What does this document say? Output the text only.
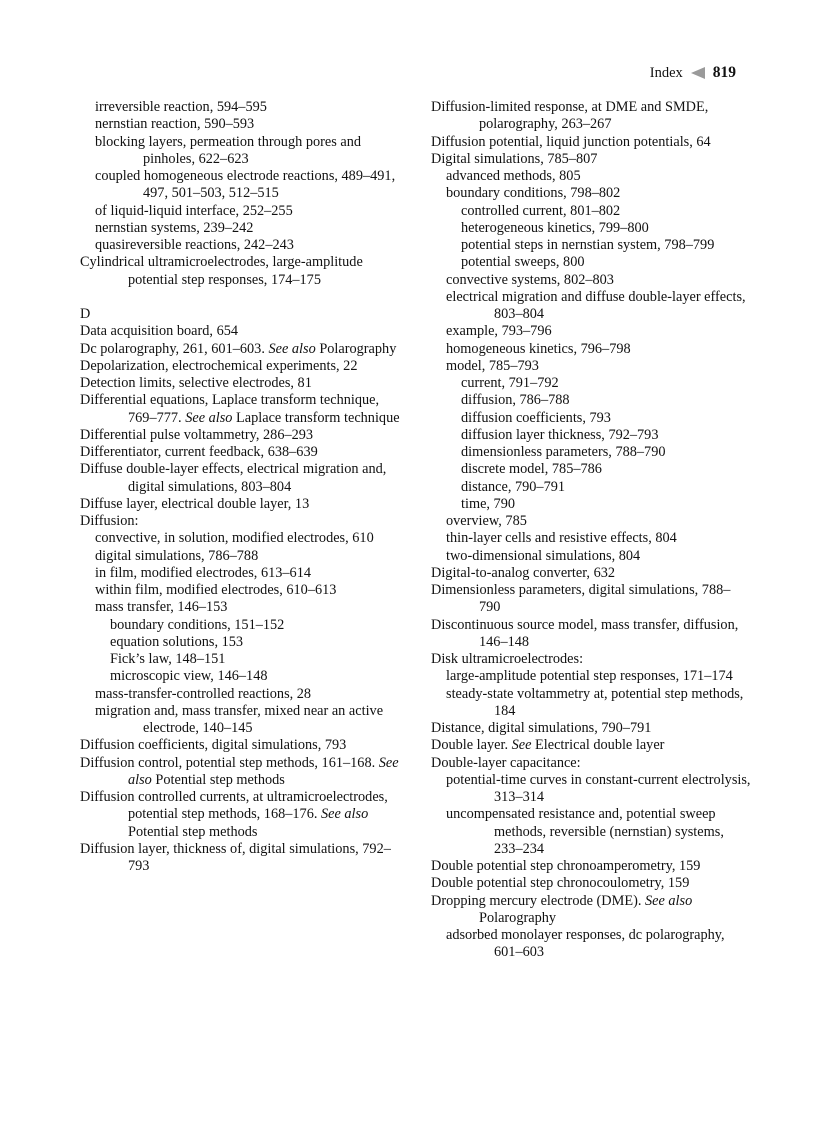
Index 819
irreversible reaction, 594–595
nernstian reaction, 590–593
blocking layers, permeation through pores and pinholes, 622–623
coupled homogeneous electrode reactions, 489–491, 497, 501–503, 512–515
of liquid-liquid interface, 252–255
nernstian systems, 239–242
quasireversible reactions, 242–243
Cylindrical ultramicroelectrodes, large-amplitude potential step responses, 174–175
D
Data acquisition board, 654
Dc polarography, 261, 601–603. See also Polarography
Depolarization, electrochemical experiments, 22
Detection limits, selective electrodes, 81
Differential equations, Laplace transform technique, 769–777. See also Laplace transform technique
Differential pulse voltammetry, 286–293
Differentiator, current feedback, 638–639
Diffuse double-layer effects, electrical migration and, digital simulations, 803–804
Diffuse layer, electrical double layer, 13
Diffusion:
convective, in solution, modified electrodes, 610
digital simulations, 786–788
in film, modified electrodes, 613–614
within film, modified electrodes, 610–613
mass transfer, 146–153
boundary conditions, 151–152
equation solutions, 153
Fick’s law, 148–151
microscopic view, 146–148
mass-transfer-controlled reactions, 28
migration and, mass transfer, mixed near an active electrode, 140–145
Diffusion coefficients, digital simulations, 793
Diffusion control, potential step methods, 161–168. See also Potential step methods
Diffusion controlled currents, at ultramicroelectrodes, potential step methods, 168–176. See also Potential step methods
Diffusion layer, thickness of, digital simulations, 792–793
Diffusion-limited response, at DME and SMDE, polarography, 263–267
Diffusion potential, liquid junction potentials, 64
Digital simulations, 785–807
advanced methods, 805
boundary conditions, 798–802
controlled current, 801–802
heterogeneous kinetics, 799–800
potential steps in nernstian system, 798–799
potential sweeps, 800
convective systems, 802–803
electrical migration and diffuse double-layer effects, 803–804
example, 793–796
homogeneous kinetics, 796–798
model, 785–793
current, 791–792
diffusion, 786–788
diffusion coefficients, 793
diffusion layer thickness, 792–793
dimensionless parameters, 788–790
discrete model, 785–786
distance, 790–791
time, 790
overview, 785
thin-layer cells and resistive effects, 804
two-dimensional simulations, 804
Digital-to-analog converter, 632
Dimensionless parameters, digital simulations, 788–790
Discontinuous source model, mass transfer, diffusion, 146–148
Disk ultramicroelectrodes:
large-amplitude potential step responses, 171–174
steady-state voltammetry at, potential step methods, 184
Distance, digital simulations, 790–791
Double layer. See Electrical double layer
Double-layer capacitance:
potential-time curves in constant-current electrolysis, 313–314
uncompensated resistance and, potential sweep methods, reversible (nernstian) systems, 233–234
Double potential step chronoamperometry, 159
Double potential step chronocoulometry, 159
Dropping mercury electrode (DME). See also Polarography
adsorbed monolayer responses, dc polarography, 601–603
